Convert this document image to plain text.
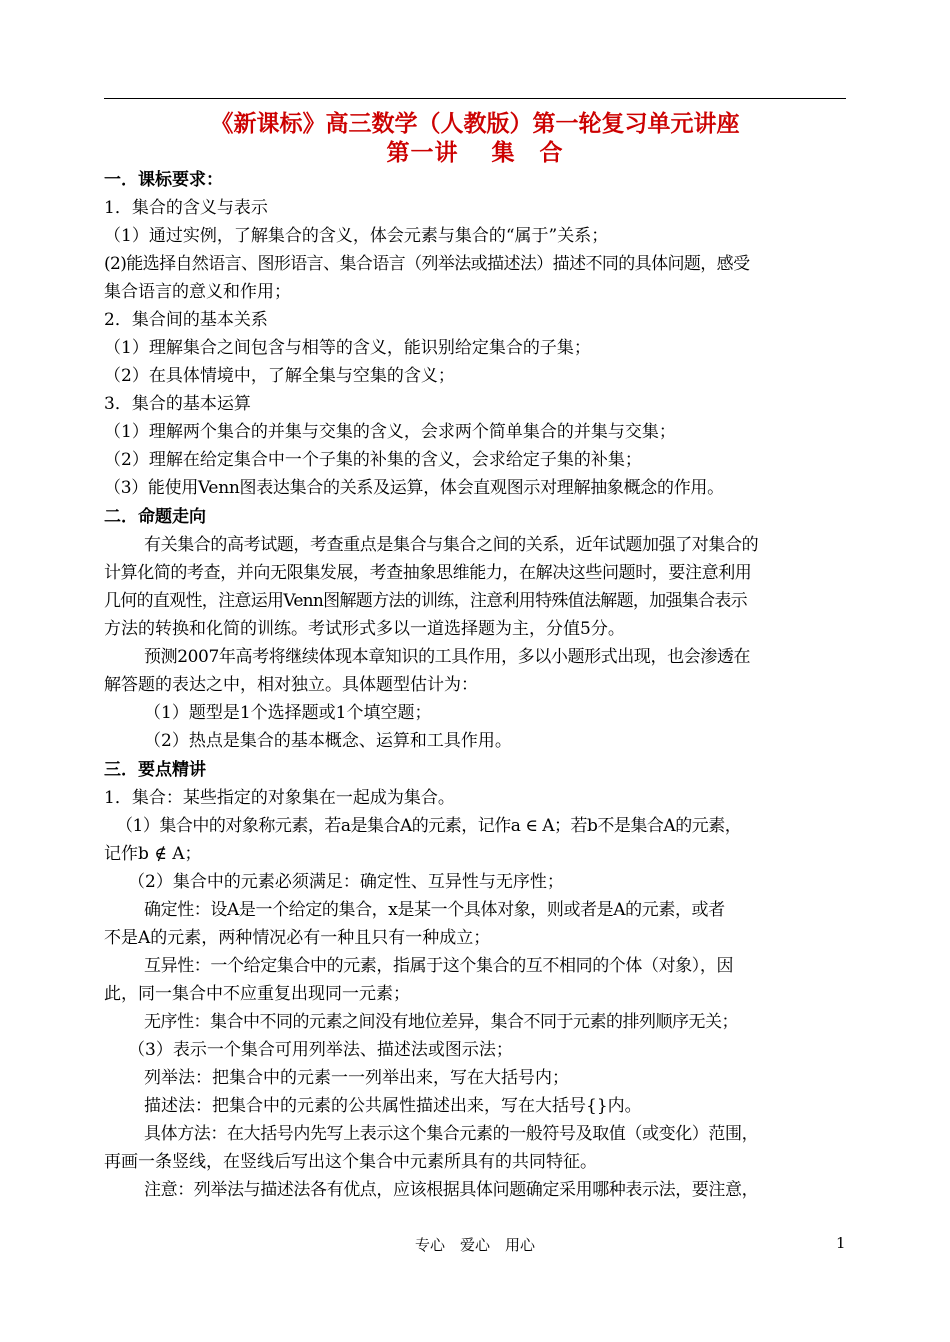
《新课标》高三数学（人教版）第一轮复习单元讲座
第一讲　 集　合
一．课标要求：
1．集合的含义与表示
（1）通过实例，了解集合的含义，体会元素与集合的“属于”关系；
(2)能选择自然语言、图形语言、集合语言（列举法或描述法）描述不同的具体问题，感受
集合语言的意义和作用；
2．集合间的基本关系
（1）理解集合之间包含与相等的含义，能识别给定集合的子集；
（2）在具体情境中，了解全集与空集的含义；
3．集合的基本运算
（1）理解两个集合的并集与交集的含义，会求两个简单集合的并集与交集；
（2）理解在给定集合中一个子集的补集的含义，会求给定子集的补集；
（3）能使用Venn图表达集合的关系及运算，体会直观图示对理解抽象概念的作用。
二．命题走向
有关集合的高考试题，考查重点是集合与集合之间的关系，近年试题加强了对集合的
计算化简的考查，并向无限集发展，考查抽象思维能力，在解决这些问题时，要注意利用
几何的直观性，注意运用Venn图解题方法的训练，注意利用特殊值法解题，加强集合表示
方法的转换和化简的训练。考试形式多以一道选择题为主，分值5分。
预测2007年高考将继续体现本章知识的工具作用，多以小题形式出现，也会渗透在
解答题的表达之中，相对独立。具体题型估计为：
（1）题型是1个选择题或1个填空题；
（2）热点是集合的基本概念、运算和工具作用。
三．要点精讲
1．集合：某些指定的对象集在一起成为集合。
（1）集合中的对象称元素，若a是集合A的元素，记作a ∈ A；若b不是集合A的元素，
记作b ∉ A；
（2）集合中的元素必须满足：确定性、互异性与无序性；
确定性：设A是一个给定的集合，x是某一个具体对象，则或者是A的元素，或者
不是A的元素，两种情况必有一种且只有一种成立；
互异性：一个给定集合中的元素，指属于这个集合的互不相同的个体（对象），因
此，同一集合中不应重复出现同一元素；
无序性：集合中不同的元素之间没有地位差异，集合不同于元素的排列顺序无关；
（3）表示一个集合可用列举法、描述法或图示法；
列举法：把集合中的元素一一列举出来，写在大括号内；
描述法：把集合中的元素的公共属性描述出来，写在大括号{}内。
具体方法：在大括号内先写上表示这个集合元素的一般符号及取值（或变化）范围，
再画一条竖线，在竖线后写出这个集合中元素所具有的共同特征。
注意：列举法与描述法各有优点，应该根据具体问题确定采用哪种表示法，要注意，
专心　爱心　用心	1
